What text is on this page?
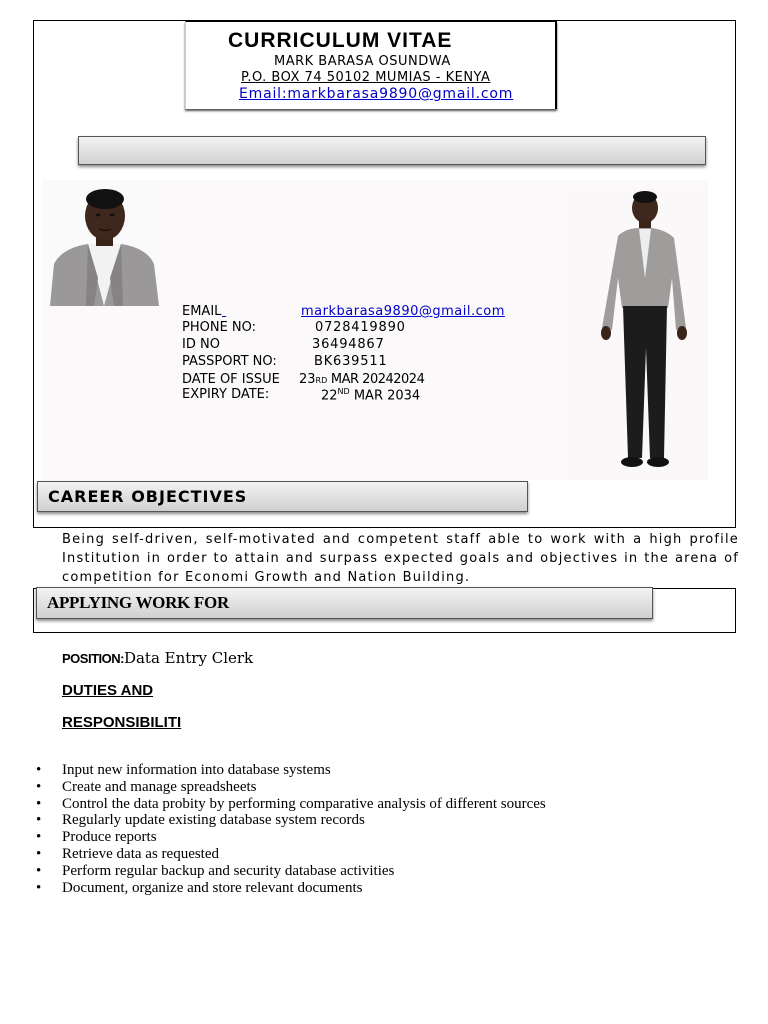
CURRICULUM VITAE
MARK BARASA OSUNDWA
P.O. BOX 74 50102 MUMIAS - KENYA
Email:markbarasa9890@gmail.com
EMAIL
	markbarasa9890@gmail.com
PHONE NO:	0728419890
ID NO	36494867
PASSPORT NO:	BK639511
DATE OF ISSUE 23RD MAR 20242024
EXPIRY DATE:	22ND MAR 2034
CAREER OBJECTIVES
Being self-driven, self-motivated and competent staff able to work with a high profile Institution in order to attain and surpass expected goals and objectives in the arena of competition for Economi Growth and Nation Building.
APPLYING WORK FOR
POSITION:Data Entry Clerk
DUTIES AND
RESPONSIBILITI
• Input new information into database systems
• Create and manage spreadsheets
• Control the data probity by performing comparative analysis of different sources
• Regularly update existing database system records
• Produce reports
• Retrieve data as requested
• Perform regular backup and security database activities
• Document, organize and store relevant documents
